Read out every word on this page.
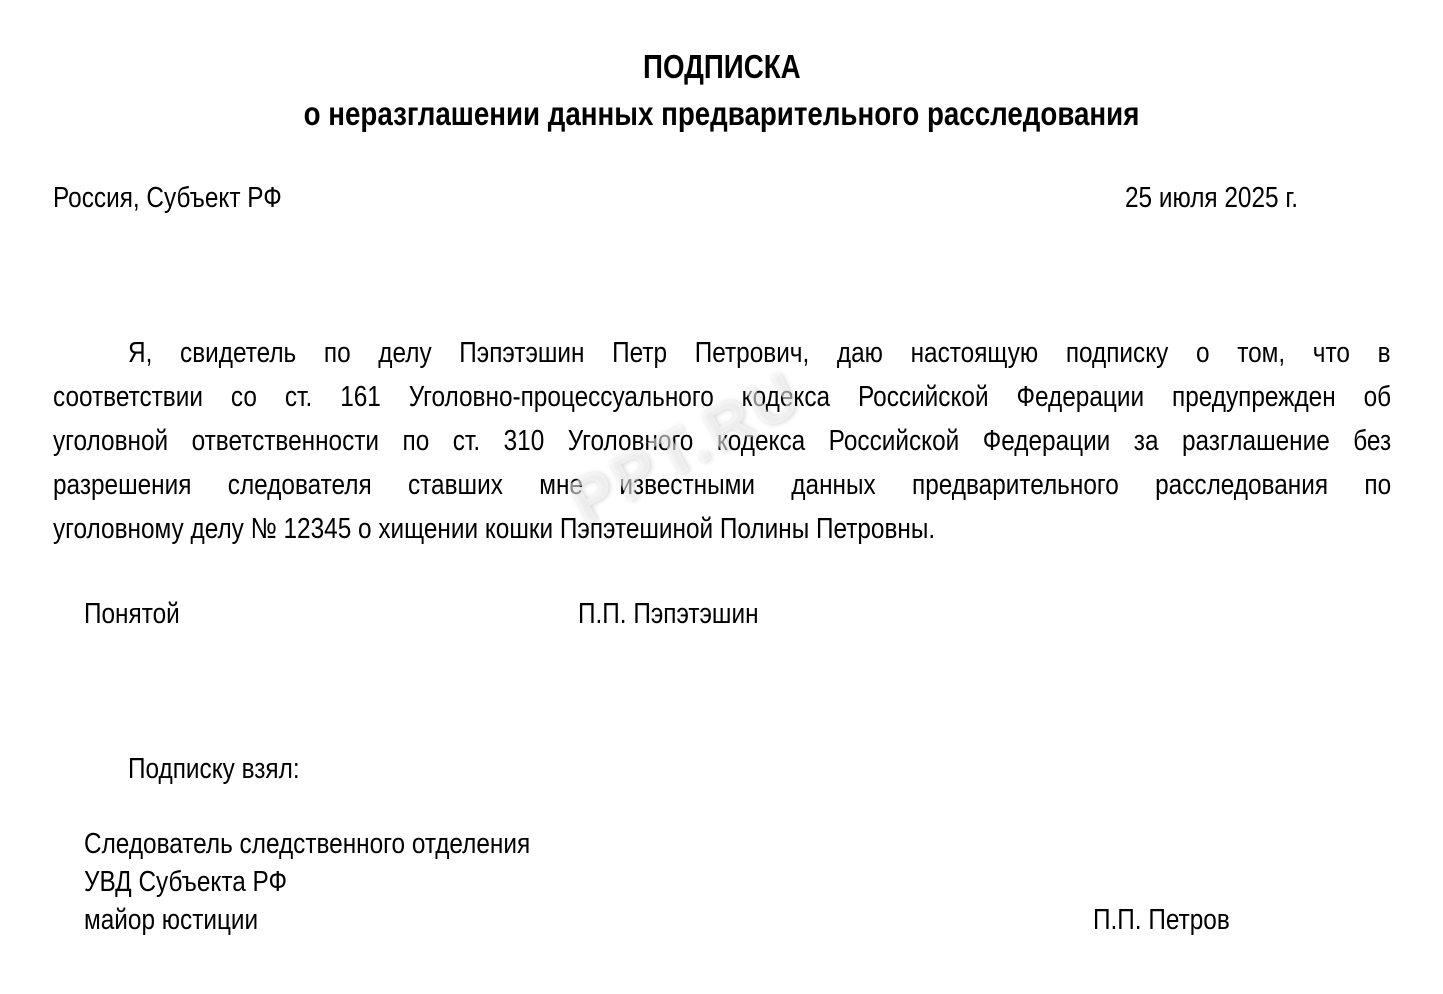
ПОДПИСКА
о неразглашении данных предварительного расследования
Россия, Субъект РФ	25 июля 2025 г.
Я, свидетель по делу Пэпэтэшин Петр Петрович, даю настоящую подписку о том, что в
соответствии со ст. 161 Уголовно-процессуального кодекса Российской Федерации предупрежден об
уголовной ответственности по ст. 310 Уголовного кодекса Российской Федерации за разглашение без
разрешения следователя ставших мне известными данных предварительного расследования по
уголовному делу № 12345 о хищении кошки Пэпэтешиной Полины Петровны.
Понятой	П.П. Пэпэтэшин
Подписку взял:
Следователь следственного отделения
УВД Субъекта РФ
майор юстиции	П.П. Петров
PPT.RU
